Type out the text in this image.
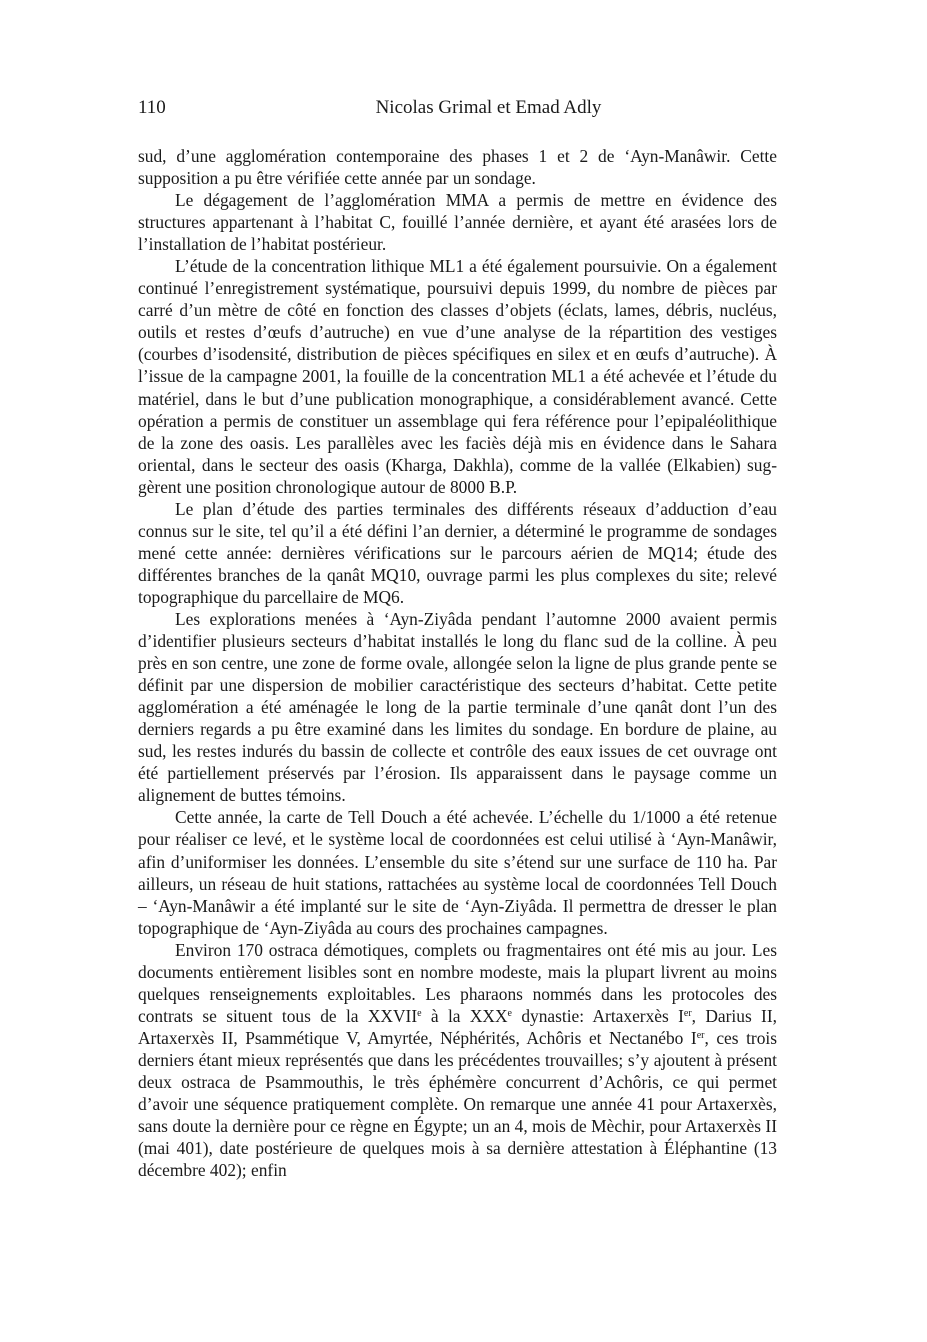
110	Nicolas Grimal et Emad Adly

sud, d’une agglomération contemporaine des phases 1 et 2 de ‘Ayn-Manâwir. Cette supposition a pu être vérifiée cette année par un sondage.

Le dégagement de l’agglomération MMA a permis de mettre en évidence des structures appartenant à l’habitat C, fouillé l’année dernière, et ayant été arasées lors de l’installation de l’habitat postérieur.

L’étude de la concentration lithique ML1 a été également poursuivie. On a également continué l’enregistrement systématique, poursuivi depuis 1999, du nombre de pièces par carré d’un mètre de côté en fonction des classes d’objets (éclats, lames, débris, nucléus, outils et restes d’œufs d’autruche) en vue d’une analyse de la répartition des vestiges (courbes d’isodensité, distribution de pièces spécifiques en silex et en œufs d’autruche). À l’issue de la campagne 2001, la fouille de la concentration ML1 a été achevée et l’étude du matériel, dans le but d’une publication monographique, a considérablement avancé. Cette opération a permis de constituer un assemblage qui fera référence pour l’epipaléolithique de la zone des oasis. Les parallèles avec les faciès déjà mis en évidence dans le Sahara oriental, dans le secteur des oasis (Kharga, Dakhla), comme de la vallée (Elkabien) suggèrent une position chronologique autour de 8000 B.P.

Le plan d’étude des parties terminales des différents réseaux d’adduction d’eau connus sur le site, tel qu’il a été défini l’an dernier, a déterminé le programme de sondages mené cette année: dernières vérifications sur le parcours aérien de MQ14; étude des différentes branches de la qanât MQ10, ouvrage parmi les plus complexes du site; relevé topographique du parcellaire de MQ6.

Les explorations menées à ‘Ayn-Ziyâda pendant l’automne 2000 avaient permis d’identifier plusieurs secteurs d’habitat installés le long du flanc sud de la colline. À peu près en son centre, une zone de forme ovale, allongée selon la ligne de plus grande pente se définit par une dispersion de mobilier caractéristique des secteurs d’habitat. Cette petite agglomération a été aménagée le long de la partie terminale d’une qanât dont l’un des derniers regards a pu être examiné dans les limites du sondage. En bordure de plaine, au sud, les restes indurés du bassin de collecte et contrôle des eaux issues de cet ouvrage ont été partiellement préservés par l’érosion. Ils apparaissent dans le paysage comme un alignement de buttes témoins.

Cette année, la carte de Tell Douch a été achevée. L’échelle du 1/1000 a été retenue pour réaliser ce levé, et le système local de coordonnées est celui utilisé à ‘Ayn-Manâwir, afin d’uniformiser les données. L’ensemble du site s’étend sur une surface de 110 ha. Par ailleurs, un réseau de huit stations, rattachées au système local de coordonnées Tell Douch – ‘Ayn-Manâwir a été implanté sur le site de ‘Ayn-Ziyâda. Il permettra de dresser le plan topographique de ‘Ayn-Ziyâda au cours des prochaines campagnes.

Environ 170 ostraca démotiques, complets ou fragmentaires ont été mis au jour. Les documents entièrement lisibles sont en nombre modeste, mais la plupart livrent au moins quelques renseignements exploitables. Les pharaons nommés dans les protocoles des contrats se situent tous de la XXVIIe à la XXXe dynastie: Artaxerxès Ier, Darius II, Artaxerxès II, Psammétique V, Amyrtée, Néphérités, Achôris et Nectanébo Ier, ces trois derniers étant mieux représentés que dans les précédentes trouvailles; s’y ajoutent à présent deux ostraca de Psammouthis, le très éphémère concurrent d’Achôris, ce qui permet d’avoir une séquence pratiquement complète. On remarque une année 41 pour Artaxerxès, sans doute la dernière pour ce règne en Égypte; un an 4, mois de Mèchir, pour Artaxerxès II (mai 401), date postérieure de quelques mois à sa dernière attestation à Éléphantine (13 décembre 402); enfin
